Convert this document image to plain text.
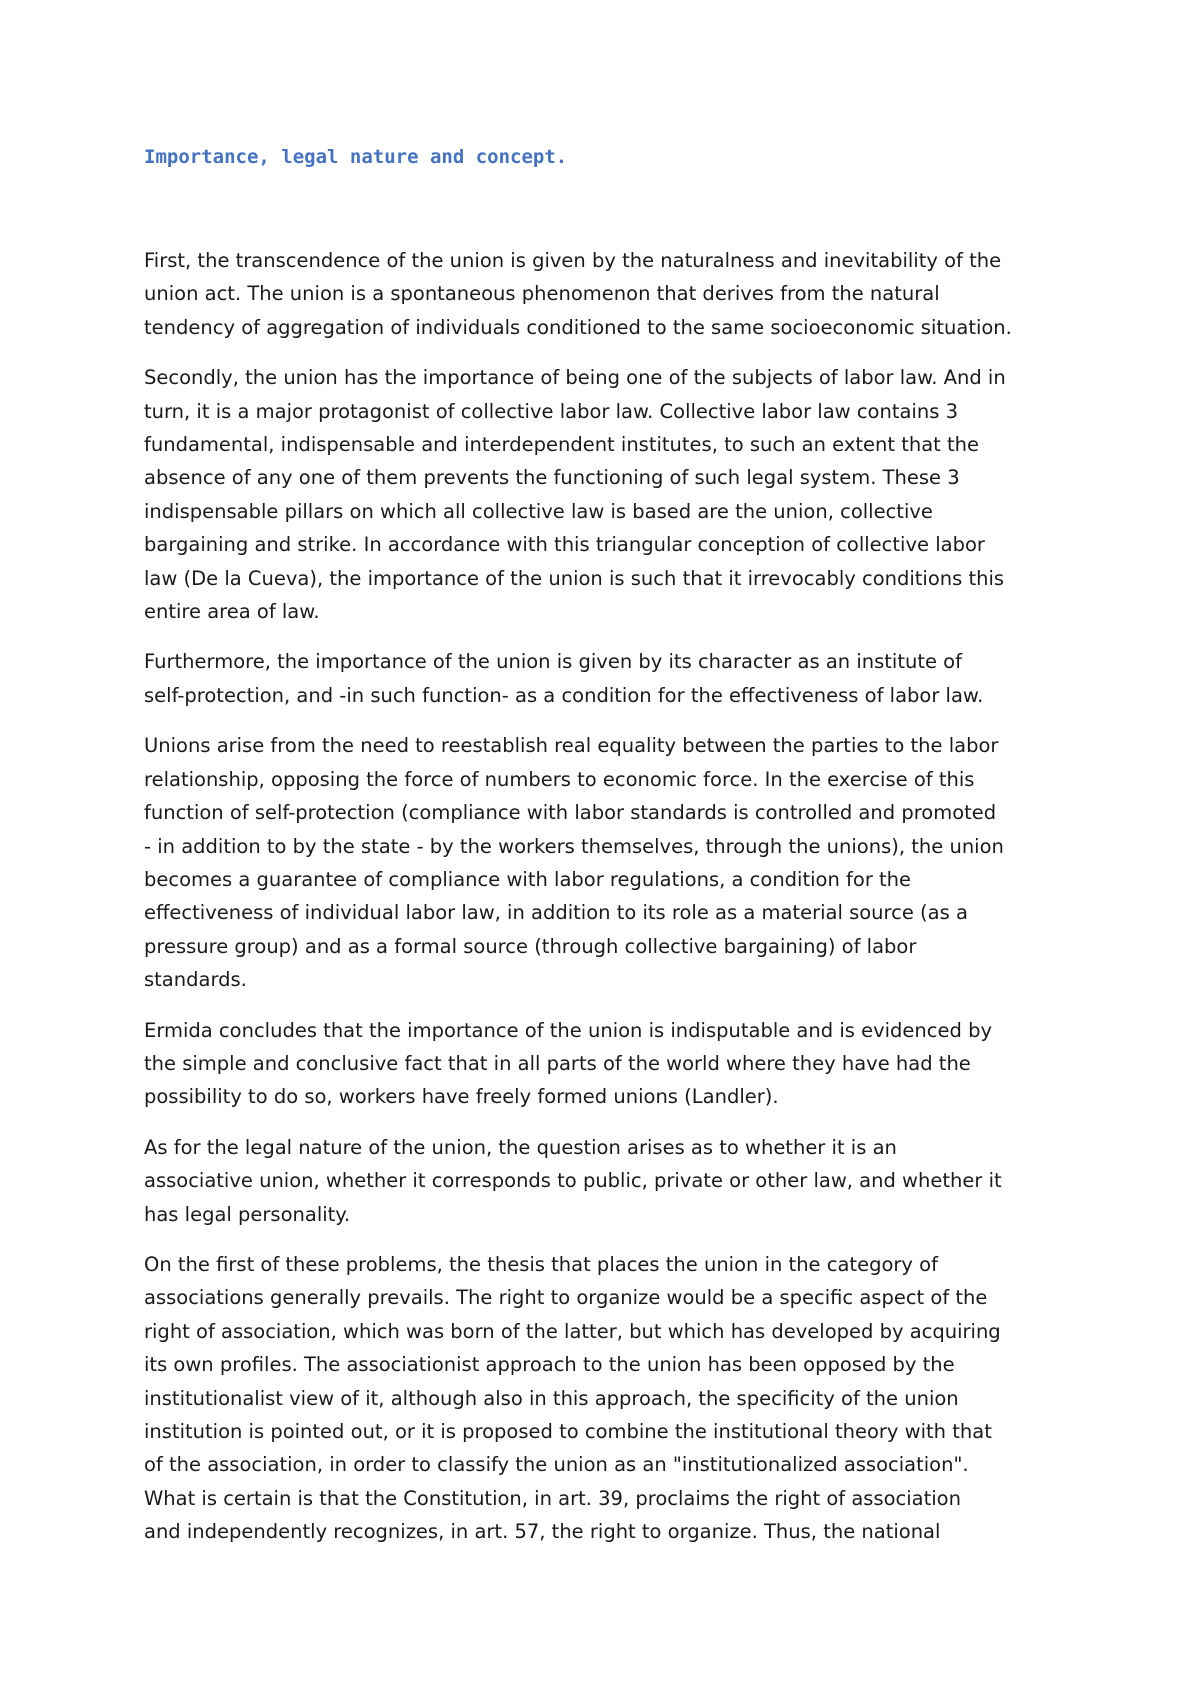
Importance, legal nature and concept.

First, the transcendence of the union is given by the naturalness and inevitability of the
union act. The union is a spontaneous phenomenon that derives from the natural
tendency of aggregation of individuals conditioned to the same socioeconomic situation.

Secondly, the union has the importance of being one of the subjects of labor law. And in
turn, it is a major protagonist of collective labor law. Collective labor law contains 3
fundamental, indispensable and interdependent institutes, to such an extent that the
absence of any one of them prevents the functioning of such legal system. These 3
indispensable pillars on which all collective law is based are the union, collective
bargaining and strike. In accordance with this triangular conception of collective labor
law (De la Cueva), the importance of the union is such that it irrevocably conditions this
entire area of law.

Furthermore, the importance of the union is given by its character as an institute of
self-protection, and -in such function- as a condition for the effectiveness of labor law.

Unions arise from the need to reestablish real equality between the parties to the labor
relationship, opposing the force of numbers to economic force. In the exercise of this
function of self-protection (compliance with labor standards is controlled and promoted
- in addition to by the state - by the workers themselves, through the unions), the union
becomes a guarantee of compliance with labor regulations, a condition for the
effectiveness of individual labor law, in addition to its role as a material source (as a
pressure group) and as a formal source (through collective bargaining) of labor
standards.

Ermida concludes that the importance of the union is indisputable and is evidenced by
the simple and conclusive fact that in all parts of the world where they have had the
possibility to do so, workers have freely formed unions (Landler).

As for the legal nature of the union, the question arises as to whether it is an
associative union, whether it corresponds to public, private or other law, and whether it
has legal personality.

On the first of these problems, the thesis that places the union in the category of
associations generally prevails. The right to organize would be a specific aspect of the
right of association, which was born of the latter, but which has developed by acquiring
its own profiles. The associationist approach to the union has been opposed by the
institutionalist view of it, although also in this approach, the specificity of the union
institution is pointed out, or it is proposed to combine the institutional theory with that
of the association, in order to classify the union as an "institutionalized association".
What is certain is that the Constitution, in art. 39, proclaims the right of association
and independently recognizes, in art. 57, the right to organize. Thus, the national
